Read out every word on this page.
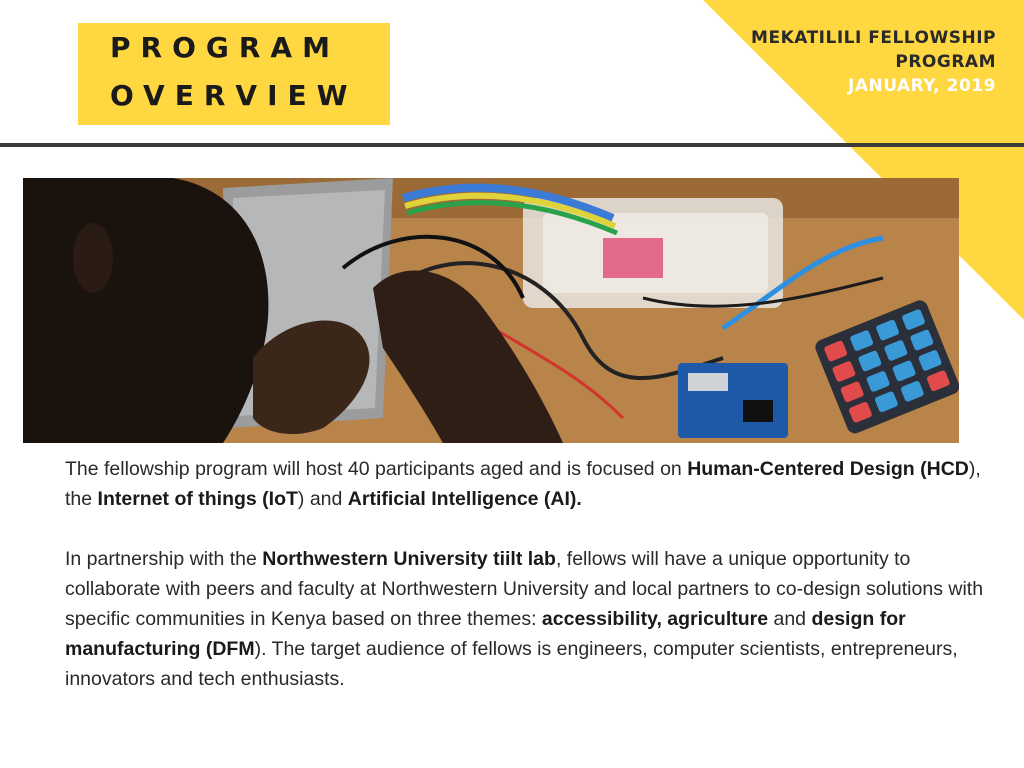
PROGRAM
OVERVIEW
MEKATILILI FELLOWSHIP
PROGRAM
JANUARY, 2019

The fellowship program will host 40 participants aged and is focused on Human-Centered Design (HCD), the Internet of things (IoT) and Artificial Intelligence (AI).

In partnership with the Northwestern University tiilt lab, fellows will have a unique opportunity to collaborate with peers and faculty at Northwestern University and local partners to co-design solutions with specific communities in Kenya based on three themes: accessibility, agriculture and design for manufacturing (DFM). The target audience of fellows is engineers, computer scientists, entrepreneurs, innovators and tech enthusiasts.
